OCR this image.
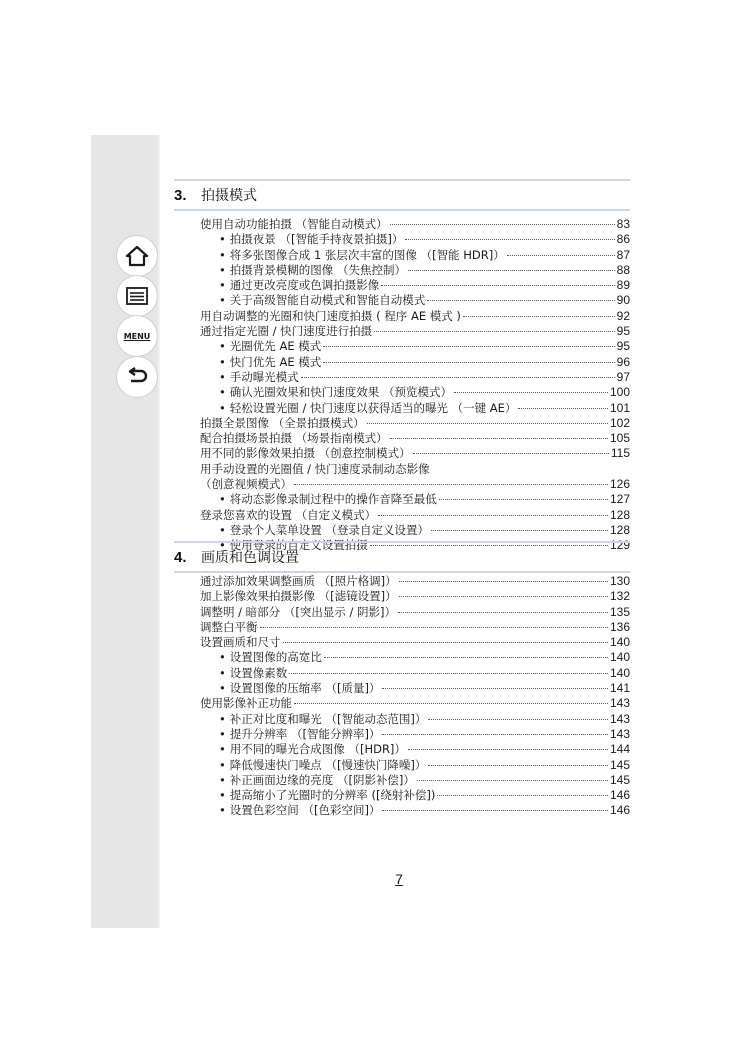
MENU
3.	拍摄模式
使用自动功能拍摄 （智能自动模式）	83
• 拍摄夜景 （[智能手持夜景拍摄]）	86
• 将多张图像合成 1 张层次丰富的图像 （[智能 HDR]）	87
• 拍摄背景模糊的图像 （失焦控制）	88
• 通过更改亮度或色调拍摄影像	89
• 关于高级智能自动模式和智能自动模式	90
用自动调整的光圈和快门速度拍摄 ( 程序 AE 模式 )	92
通过指定光圈 / 快门速度进行拍摄	95
• 光圈优先 AE 模式	95
• 快门优先 AE 模式	96
• 手动曝光模式	97
• 确认光圈效果和快门速度效果 （预览模式）	100
• 轻松设置光圈 / 快门速度以获得适当的曝光 （一键 AE）	101
拍摄全景图像 （全景拍摄模式）	102
配合拍摄场景拍摄 （场景指南模式）	105
用不同的影像效果拍摄 （创意控制模式）	115
用手动设置的光圈值 / 快门速度录制动态影像
（创意视频模式）	126
• 将动态影像录制过程中的操作音降至最低	127
登录您喜欢的设置 （自定义模式）	128
• 登录个人菜单设置 （登录自定义设置）	128
• 使用登录的自定义设置拍摄	129
4.	画质和色调设置
通过添加效果调整画质 （[照片格调]）	130
加上影像效果拍摄影像 （[滤镜设置]）	132
调整明 / 暗部分 （[突出显示 / 阴影]）	135
调整白平衡	136
设置画质和尺寸	140
• 设置图像的高宽比	140
• 设置像素数	140
• 设置图像的压缩率 （[质量]）	141
使用影像补正功能	143
• 补正对比度和曝光 （[智能动态范围]）	143
• 提升分辨率 （[智能分辨率]）	143
• 用不同的曝光合成图像 （[HDR]）	144
• 降低慢速快门噪点 （[慢速快门降噪]）	145
• 补正画面边缘的亮度 （[阴影补偿]）	145
• 提高缩小了光圈时的分辨率 ([绕射补偿])	146
• 设置色彩空间 （[色彩空间]）	146
7
